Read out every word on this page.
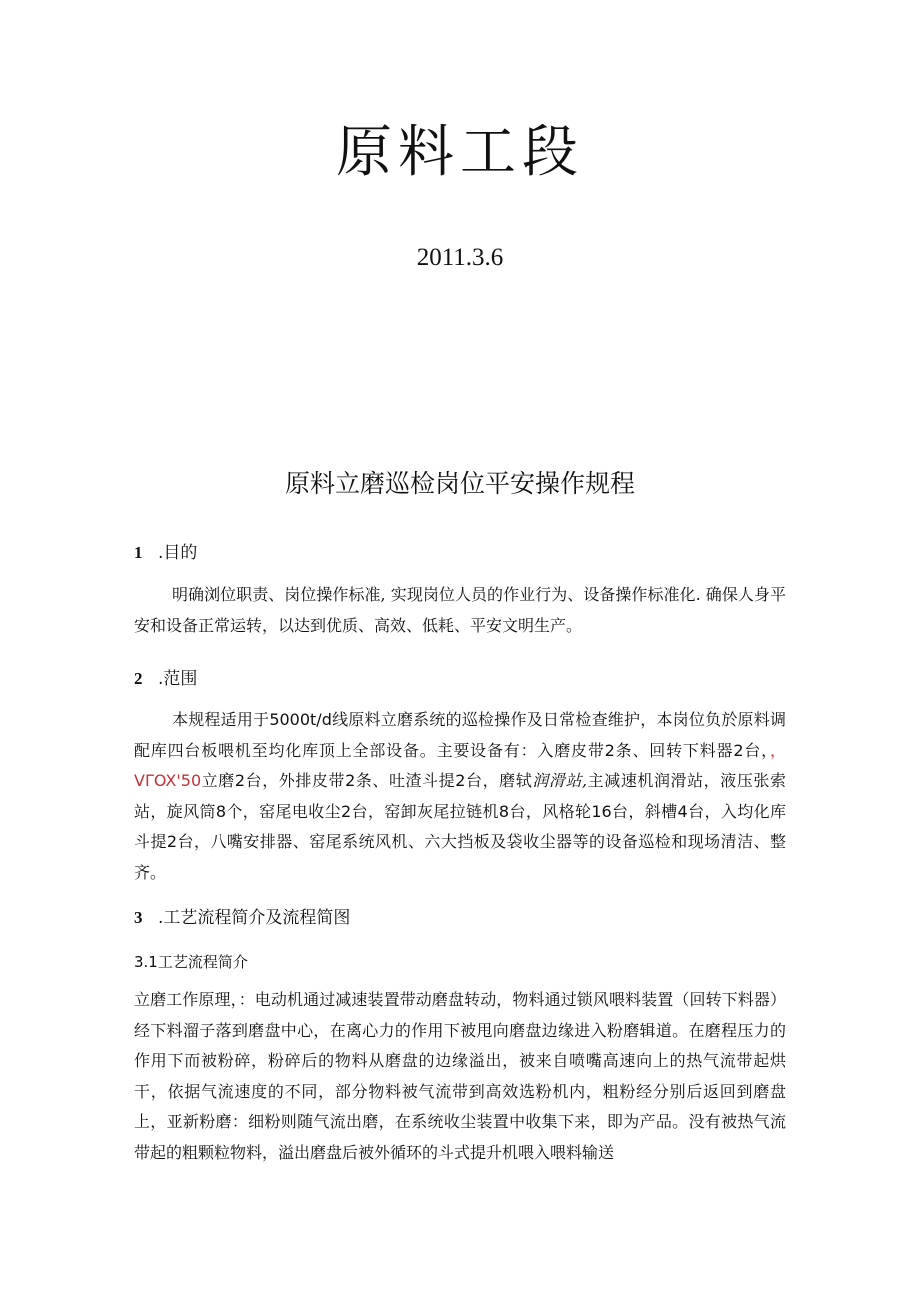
原料工段
2011.3.6
原料立磨巡检岗位平安操作规程
1 .目的

明确浏位职责、岗位操作标准, 实现岗位人员的作业行为、设备操作标准化. 确保人身平安和设备正常运转，以达到优质、高效、低耗、平安文明生产。

2 .范围

本规程适用于5000t/d线原料立磨系统的巡检操作及日常检查维护，本岗位负於原料调配库四台板喂机至均化库顶上全部设备。主要设备有：入磨皮带2条、回转下料器2台，，VΓOX'50立磨2台，外排皮带2条、吐渣斗提2台，磨轼润滑站,主减速机润滑站，液压张索站，旋风筒8个，窑尾电收尘2台，窑卸灰尾拉链机8台，风格轮16台，斜槽4台，入均化库斗提2台，八嘴安排器、窑尾系统风机、六大挡板及袋收尘器等的设备巡检和现场清洁、整齐。

3 .工艺流程简介及流程简图
3.1工艺流程简介

立磨工作原理，：电动机通过减速装置带动磨盘转动，物料通过锁风喂料装置（回转下料器）经下料溜子落到磨盘中心，在离心力的作用下被甩向磨盘边缘进入粉磨辑道。在磨程压力的作用下而被粉碎，粉碎后的物料从磨盘的边缘溢出，被来自喷嘴高速向上的热气流带起烘干，依据气流速度的不同，部分物料被气流带到高效选粉机内，粗粉经分别后返回到磨盘上，亚新粉磨：细粉则随气流出磨，在系统收尘装置中收集下来，即为产品。没有被热气流带起的粗颗粒物料，溢出磨盘后被外循环的斗式提升机喂入喂料输送
